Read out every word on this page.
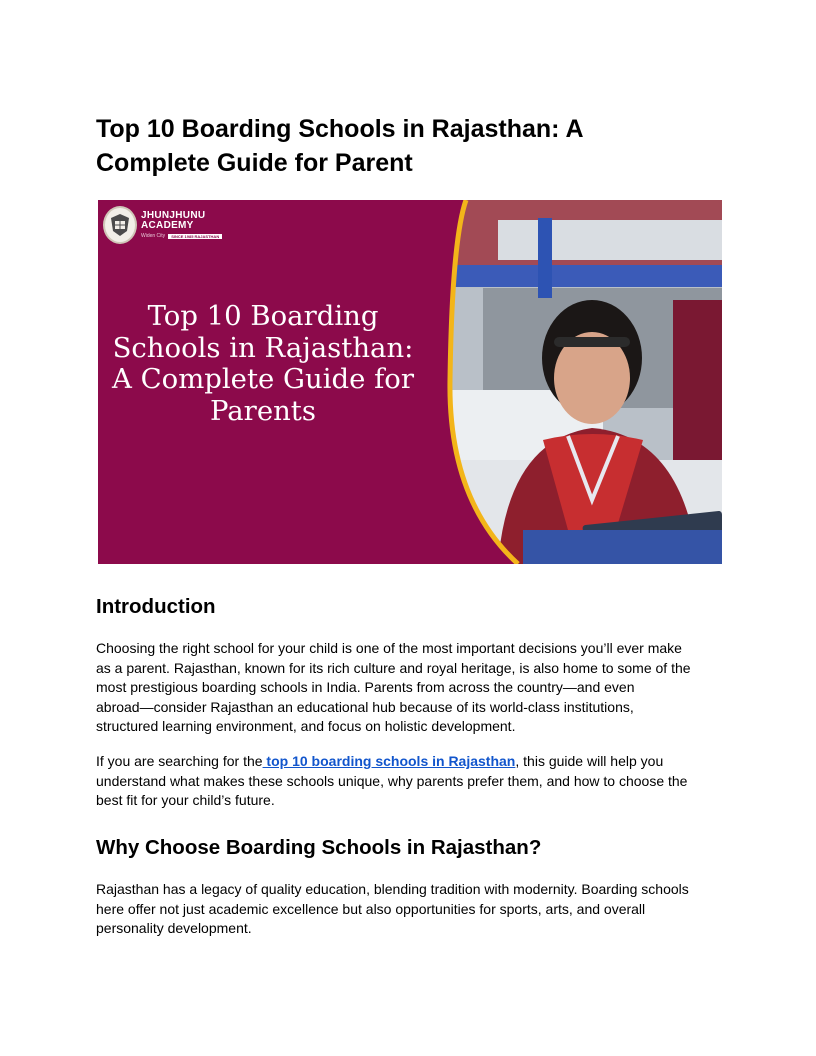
Top 10 Boarding Schools in Rajasthan: A
Complete Guide for Parent
JHUNJHUNU
ACADEMY
Widen City	SINCE 1985 RAJASTHAN
Top 10 Boarding
Schools in Rajasthan:
A Complete Guide for
Parents
Introduction

Choosing the right school for your child is one of the most important decisions you’ll ever make
as a parent. Rajasthan, known for its rich culture and royal heritage, is also home to some of the
most prestigious boarding schools in India. Parents from across the country—and even
abroad—consider Rajasthan an educational hub because of its world-class institutions,
structured learning environment, and focus on holistic development.

If you are searching for the top 10 boarding schools in Rajasthan, this guide will help you
understand what makes these schools unique, why parents prefer them, and how to choose the
best fit for your child’s future.

Why Choose Boarding Schools in Rajasthan?

Rajasthan has a legacy of quality education, blending tradition with modernity. Boarding schools
here offer not just academic excellence but also opportunities for sports, arts, and overall
personality development.
